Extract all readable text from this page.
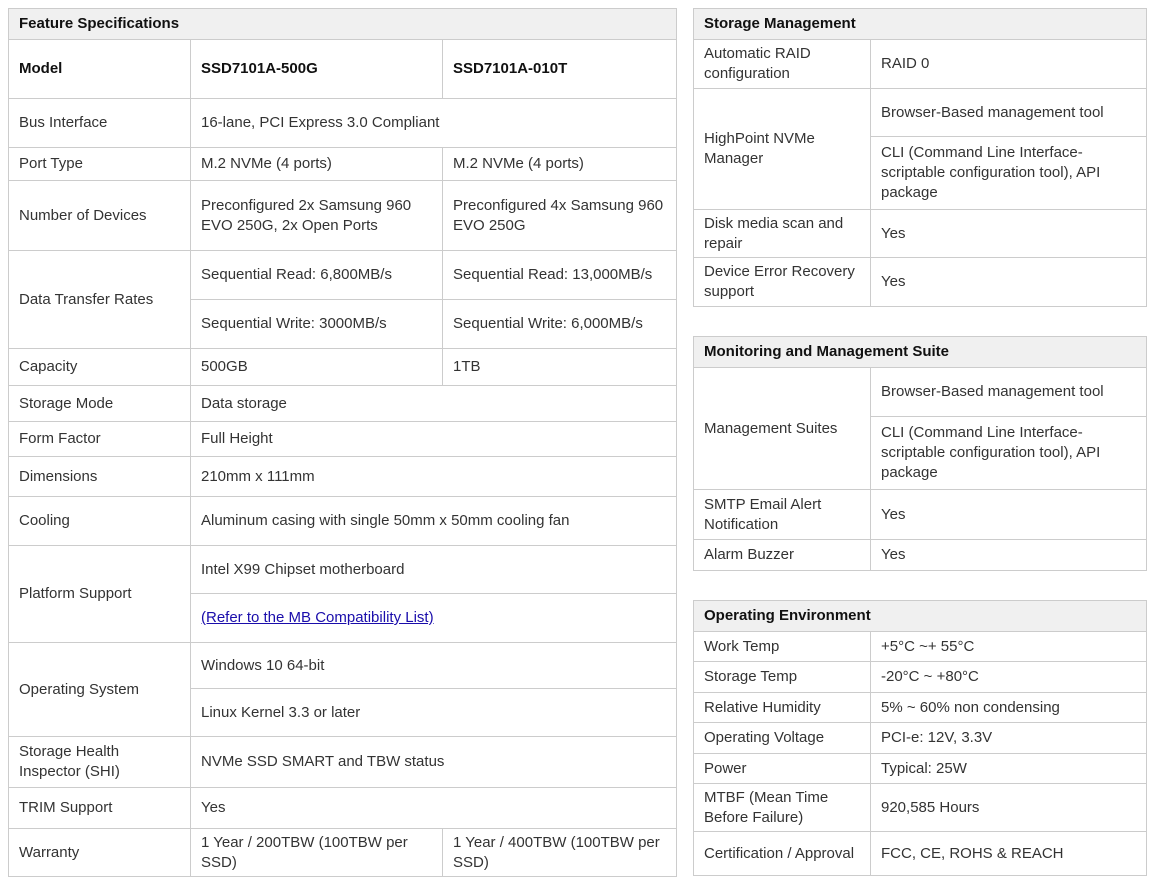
Feature Specifications		
Model	SSD7101A-500G	SSD7101A-010T
Bus Interface	16-lane, PCI Express 3.0 Compliant	
Port Type	M.2 NVMe (4 ports)	M.2 NVMe (4 ports)
Number of Devices	Preconfigured 2x Samsung 960 EVO 250G, 2x Open Ports	Preconfigured 4x Samsung 960 EVO 250G
Data Transfer Rates	Sequential Read: 6,800MB/s	Sequential Read: 13,000MB/s
	Sequential Write: 3000MB/s	Sequential Write: 6,000MB/s
Capacity	500GB	1TB
Storage Mode	Data storage	
Form Factor	Full Height	
Dimensions	210mm x 111mm	
Cooling	Aluminum casing with single 50mm x 50mm cooling fan	
Platform Support	Intel X99 Chipset motherboard	
	(Refer to the MB Compatibility List)	
Operating System	Windows 10 64-bit	
	Linux Kernel 3.3 or later	
Storage Health Inspector (SHI)	NVMe SSD SMART and TBW status	
TRIM Support	Yes	
Warranty	1 Year / 200TBW (100TBW per SSD)	1 Year / 400TBW (100TBW per SSD)
Storage Management	
Automatic RAID configuration	RAID 0
HighPoint NVMe Manager	Browser-Based management tool
	CLI (Command Line Interface-scriptable configuration tool), API package
Disk media scan and repair	Yes
Device Error Recovery support	Yes
Monitoring and Management Suite	
Management Suites	Browser-Based management tool
	CLI (Command Line Interface-scriptable configuration tool), API package
SMTP Email Alert Notification	Yes
Alarm Buzzer	Yes
Operating Environment	
Work Temp	+5°C ~+ 55°C
Storage Temp	-20°C ~ +80°C
Relative Humidity	5% ~ 60% non condensing
Operating Voltage	PCI-e: 12V, 3.3V
Power	Typical: 25W
MTBF (Mean Time Before Failure)	920,585 Hours
Certification / Approval	FCC, CE, ROHS & REACH
